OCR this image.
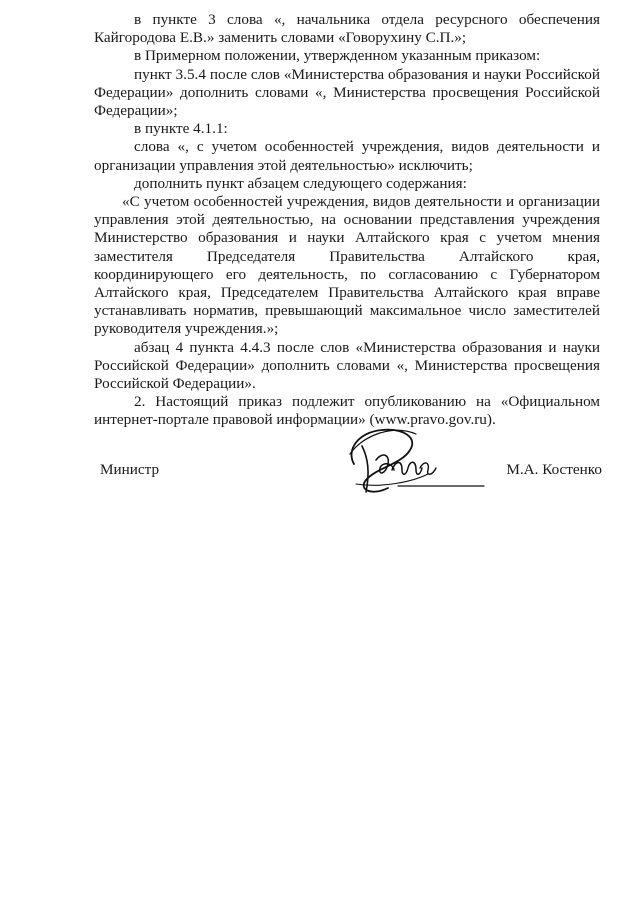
в пункте 3 слова «, начальника отдела ресурсного обеспечения Кайгородова Е.В.» заменить словами «Говорухину С.П.»;

в Примерном положении, утвержденном указанным приказом:

пункт 3.5.4 после слов «Министерства образования и науки Российской Федерации» дополнить словами «, Министерства просвещения Российской Федерации»;

в пункте 4.1.1:

слова «, с учетом особенностей учреждения, видов деятельности и организации управления этой деятельностью» исключить;

дополнить пункт абзацем следующего содержания:

«С учетом особенностей учреждения, видов деятельности и организации управления этой деятельностью, на основании представления учреждения Министерство образования и науки Алтайского края с учетом мнения заместителя Председателя Правительства Алтайского края, координирующего его деятельность, по согласованию с Губернатором Алтайского края, Председателем Правительства Алтайского края вправе устанавливать норматив, превышающий максимальное число заместителей руководителя учреждения.»;

абзац 4 пункта 4.4.3 после слов «Министерства образования и науки Российской Федерации» дополнить словами «, Министерства просвещения Российской Федерации».

2. Настоящий приказ подлежит опубликованию на «Официальном интернет-портале правовой информации» (www.pravo.gov.ru).

Министр	М.А. Костенко
